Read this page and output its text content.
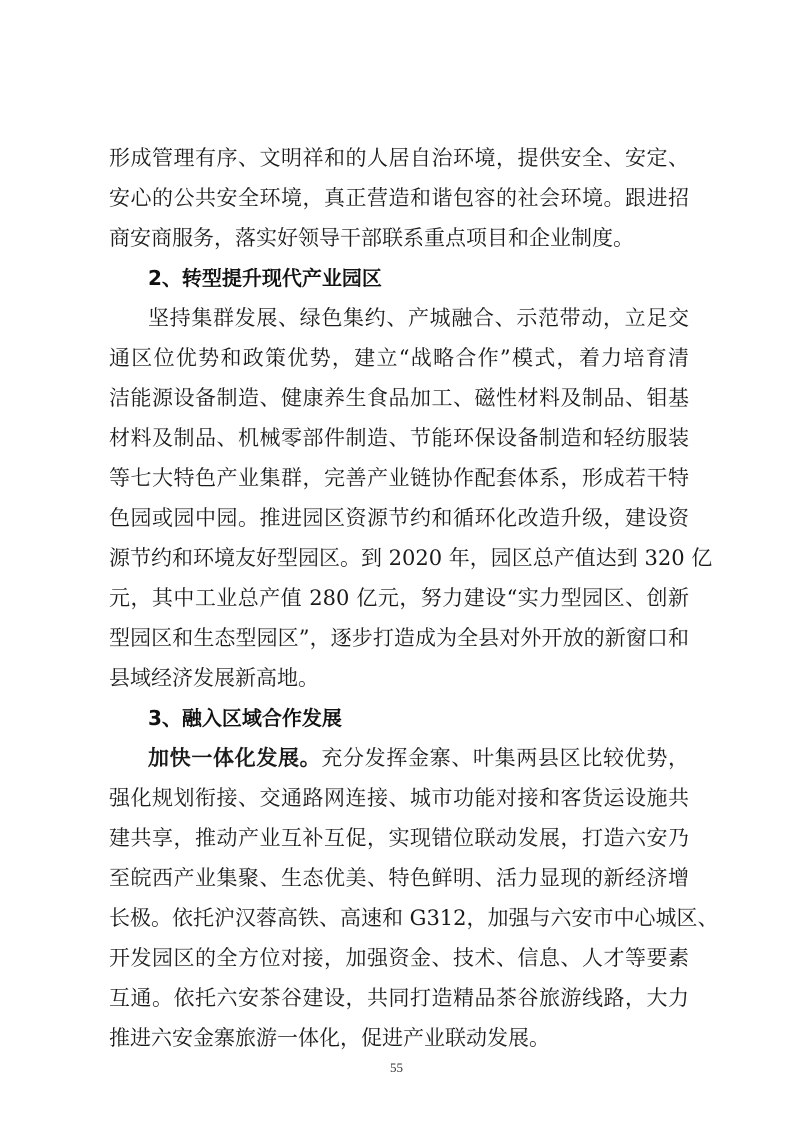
形成管理有序、文明祥和的人居自治环境，提供安全、安定、
安心的公共安全环境，真正营造和谐包容的社会环境。跟进招
商安商服务，落实好领导干部联系重点项目和企业制度。
2、转型提升现代产业园区
坚持集群发展、绿色集约、产城融合、示范带动，立足交
通区位优势和政策优势，建立“战略合作”模式，着力培育清
洁能源设备制造、健康养生食品加工、磁性材料及制品、钼基
材料及制品、机械零部件制造、节能环保设备制造和轻纺服装
等七大特色产业集群，完善产业链协作配套体系，形成若干特
色园或园中园。推进园区资源节约和循环化改造升级，建设资
源节约和环境友好型园区。到 2020 年，园区总产值达到 320 亿
元，其中工业总产值 280 亿元，努力建设“实力型园区、创新
型园区和生态型园区”，逐步打造成为全县对外开放的新窗口和
县域经济发展新高地。
3、融入区域合作发展
加快一体化发展。充分发挥金寨、叶集两县区比较优势，
强化规划衔接、交通路网连接、城市功能对接和客货运设施共
建共享，推动产业互补互促，实现错位联动发展，打造六安乃
至皖西产业集聚、生态优美、特色鲜明、活力显现的新经济增
长极。依托沪汉蓉高铁、高速和 G312，加强与六安市中心城区、
开发园区的全方位对接，加强资金、技术、信息、人才等要素
互通。依托六安茶谷建设，共同打造精品茶谷旅游线路，大力
推进六安金寨旅游一体化，促进产业联动发展。
55
